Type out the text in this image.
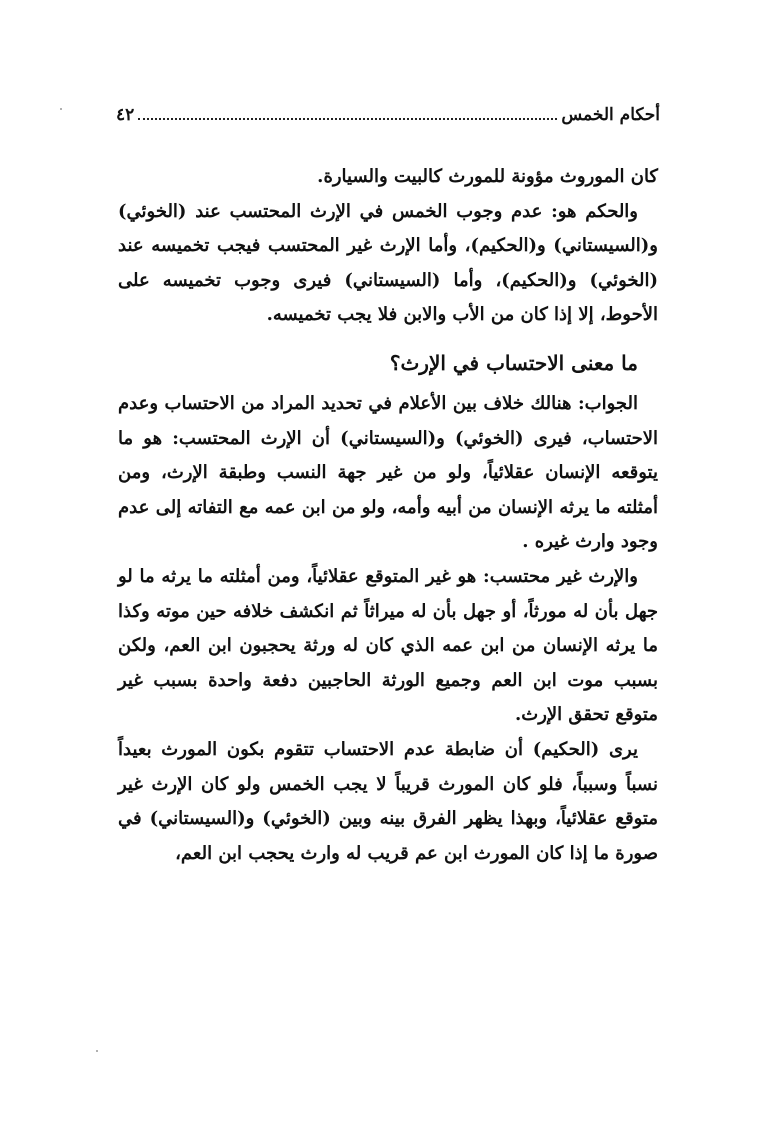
أحكام الخمس
٤٢

كان الموروث مؤونة للمورث كالبيت والسيارة.

والحكم هو: عدم وجوب الخمس في الإرث المحتسب عند (الخوئي) و(السيستاني) و(الحكيم)، وأما الإرث غير المحتسب فيجب تخميسه عند (الخوئي) و(الحكيم)، وأما (السيستاني) فيرى وجوب تخميسه على الأحوط، إلا إذا كان من الأب والابن فلا يجب تخميسه.

ما معنى الاحتساب في الإرث؟

الجواب: هنالك خلاف بين الأعلام في تحديد المراد من الاحتساب وعدم الاحتساب، فيرى (الخوئي) و(السيستاني) أن الإرث المحتسب: هو ما يتوقعه الإنسان عقلائياً، ولو من غير جهة النسب وطبقة الإرث، ومن أمثلته ما يرثه الإنسان من أبيه وأمه، ولو من ابن عمه مع التفاته إلى عدم وجود وارث غيره .

والإرث غير محتسب: هو غير المتوقع عقلائياً، ومن أمثلته ما يرثه ما لو جهل بأن له مورثاً، أو جهل بأن له ميراثاً ثم انكشف خلافه حين موته وكذا ما يرثه الإنسان من ابن عمه الذي كان له ورثة يحجبون ابن العم، ولكن بسبب موت ابن العم وجميع الورثة الحاجبين دفعة واحدة بسبب غير متوقع تحقق الإرث.

يرى (الحكيم) أن ضابطة عدم الاحتساب تتقوم بكون المورث بعيداً نسباً وسبباً، فلو كان المورث قريباً لا يجب الخمس ولو كان الإرث غير متوقع عقلائياً، وبهذا يظهر الفرق بينه وبين (الخوئي) و(السيستاني) في صورة ما إذا كان المورث ابن عم قريب له وارث يحجب ابن العم،
